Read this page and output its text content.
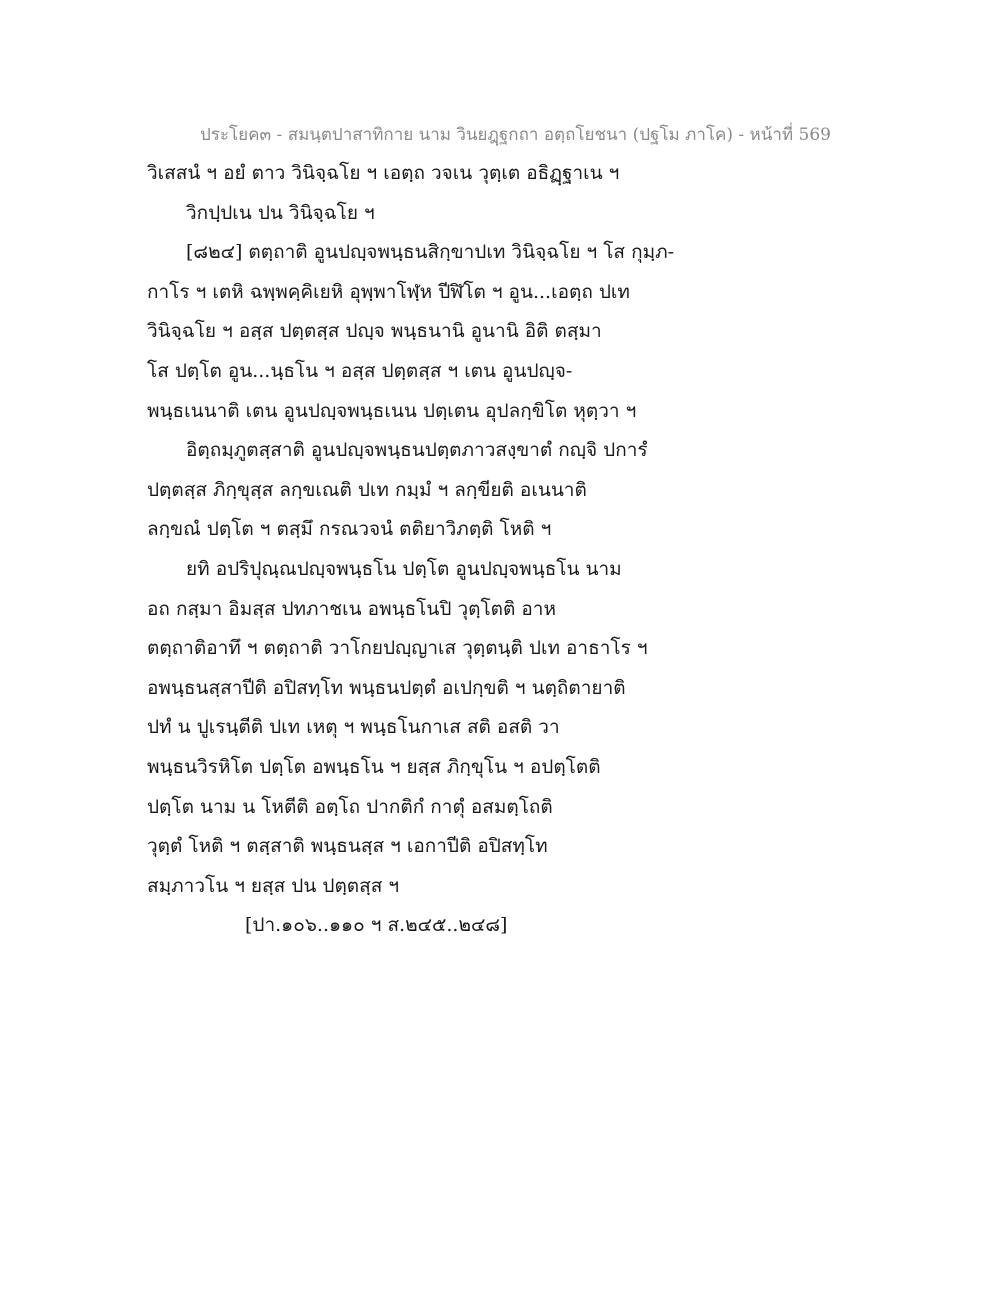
ประโยค๓ - สมนฺตปาสาทิกาย นาม วินยฎฺฐกถา อตฺถโยชนา (ปฐโม ภาโค) - หน้าที่ 569
วิเสสนํ ฯ อยํ ตาว วินิจฺฉโย ฯ เอตฺถ วจเน วุตฺเต อธิฏฺฐาเน ฯ
วิกปฺปเน ปน วินิจฺฉโย ฯ
[๘๒๔] ตตฺถาติ อูนปญฺจพนฺธนสิกฺขาปเท วินิจฺฉโย ฯ โส กุมฺภ-
กาโร ฯ เตหิ ฉพฺพคฺคิเยหิ อุพฺพาโฬฺห ปีฬิโต ฯ อูน...เอตฺถ ปเท
วินิจฺฉโย ฯ อสฺส ปตฺตสฺส ปญฺจ พนฺธนานิ อูนานิ อิติ ตสฺมา
โส ปตฺโต อูน...นฺธโน ฯ อสฺส ปตฺตสฺส ฯ เตน อูนปญฺจ-
พนฺธเนนาติ เตน อูนปญฺจพนฺธเนน ปตฺเตน อุปลกฺขิโต หุตฺวา ฯ
อิตฺถมฺภูตสฺสาติ อูนปญฺจพนฺธนปตฺตภาวสงฺขาตํ กญฺจิ ปการํ
ปตฺตสฺส ภิกฺขุสฺส ลกฺขเณติ ปเท กมฺมํ ฯ ลกฺขียติ อเนนาติ
ลกฺขณํ ปตฺโต ฯ ตสฺมึ กรณวจนํ ตติยาวิภตฺติ โหติ ฯ
ยทิ อปริปุณฺณปญฺจพนฺธโน ปตฺโต อูนปญฺจพนฺธโน นาม
อถ กสฺมา อิมสฺส ปทภาชเน อพนฺธโนปิ วุตฺโตติ อาห
ตตฺถาติอาทึ ฯ ตตฺถาติ วาโกยปญฺญาเส วุตฺตนฺติ ปเท อาธาโร ฯ
อพนฺธนสฺสาปีติ อปิสทฺโท พนฺธนปตฺตํ อเปกฺขติ ฯ นตฺถิตายาติ
ปทํ น ปูเรนฺตีติ ปเท เหตุ ฯ พนฺธโนกาเส สติ อสติ วา
พนฺธนวิรหิโต ปตฺโต อพนฺธโน ฯ ยสฺส ภิกฺขุโน ฯ อปตฺโตติ
ปตฺโต นาม น โหตีติ อตฺโถ ปากติกํ กาตุํ อสมตฺโถติ
วุตฺตํ โหติ ฯ ตสฺสาติ พนฺธนสฺส ฯ เอกาปีติ อปิสทฺโท
สมฺภาวโน ฯ ยสฺส ปน ปตฺตสฺส ฯ
[ปา.๑๐๖..๑๑๐ ฯ ส.๒๔๕..๒๔๘]
